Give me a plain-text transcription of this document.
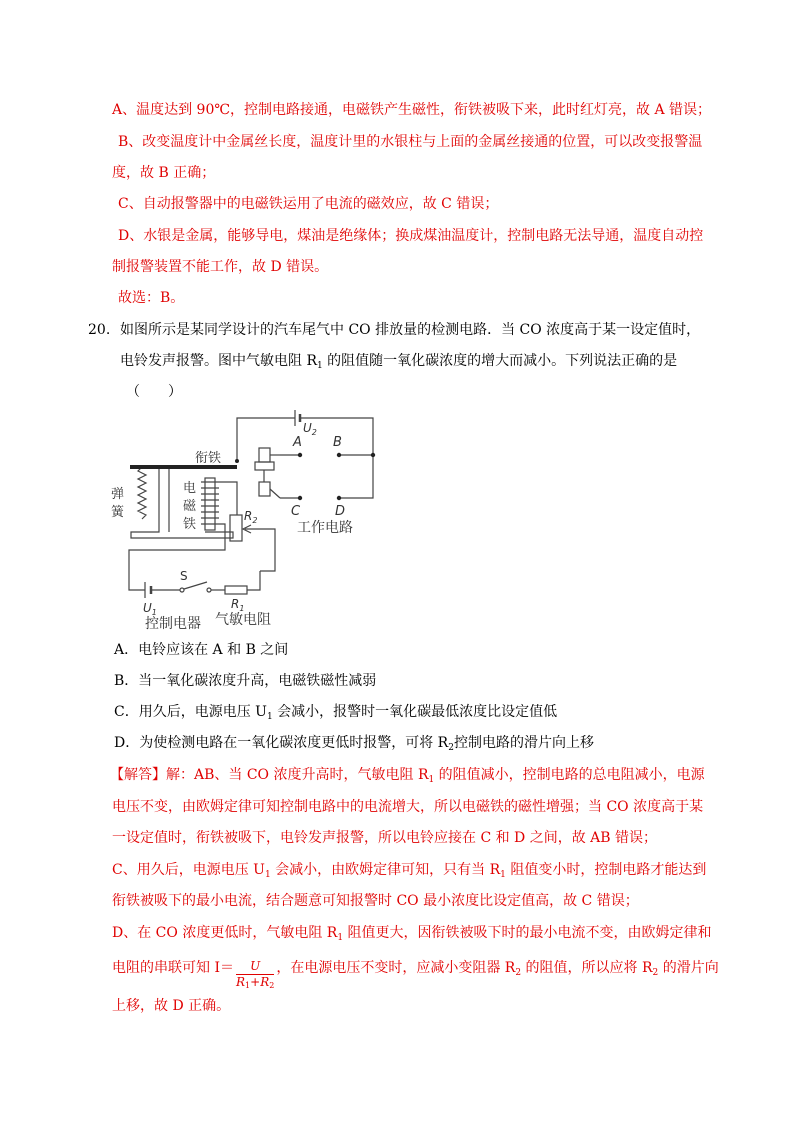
A、温度达到 90℃，控制电路接通，电磁铁产生磁性，衔铁被吸下来，此时红灯亮，故 A 错误；
B、改变温度计中金属丝长度，温度计里的水银柱与上面的金属丝接通的位置，可以改变报警温
度，故 B 正确；
C、自动报警器中的电磁铁运用了电流的磁效应，故 C 错误；
D、水银是金属，能够导电，煤油是绝缘体；换成煤油温度计，控制电路无法导通，温度自动控
制报警装置不能工作，故 D 错误。
故选：B。
20. 如图所示是某同学设计的汽车尾气中 CO 排放量的检测电路．当 CO 浓度高于某一设定值时，
电铃发声报警。图中气敏电阻 $R_1$ 的阻值随一氧化碳浓度的增大而减小。下列说法正确的是
（　　）
$U_2$
A B
C	D
衔铁
弹
簧
电
磁
铁
$R_2$	工作电路
S
$U_1$
$R_1$
控制电器 气敏电阻
A．电铃应该在 A 和 B 之间
B．当一氧化碳浓度升高，电磁铁磁性减弱
C．用久后，电源电压 $U_1$ 会减小，报警时一氧化碳最低浓度比设定值低
D．为使检测电路在一氧化碳浓度更低时报警，可将 $R_2$控制电路的滑片向上移
【解答】解：AB、当 CO 浓度升高时，气敏电阻 $R_1$ 的阻值减小，控制电路的总电阻减小，电源
电压不变，由欧姆定律可知控制电路中的电流增大，所以电磁铁的磁性增强；当 CO 浓度高于某
一设定值时，衔铁被吸下，电铃发声报警，所以电铃应接在 C 和 D 之间，故 AB 错误；
C、用久后，电源电压 $U_1$ 会减小，由欧姆定律可知，只有当 $R_1$ 阻值变小时，控制电路才能达到
衔铁被吸下的最小电流，结合题意可知报警时 CO 最小浓度比设定值高，故 C 错误；
D、在 CO 浓度更低时，气敏电阻 $R_1$ 阻值更大，因衔铁被吸下时的最小电流不变，由欧姆定律和
电阻的串联可知 $I= \frac{U}{R1+R2}$ ，在电源电压不变时，应减小变阻器 $R_2$ 的阻值，所以应将 $R_2$ 的滑片向
上移，故 D 正确。
